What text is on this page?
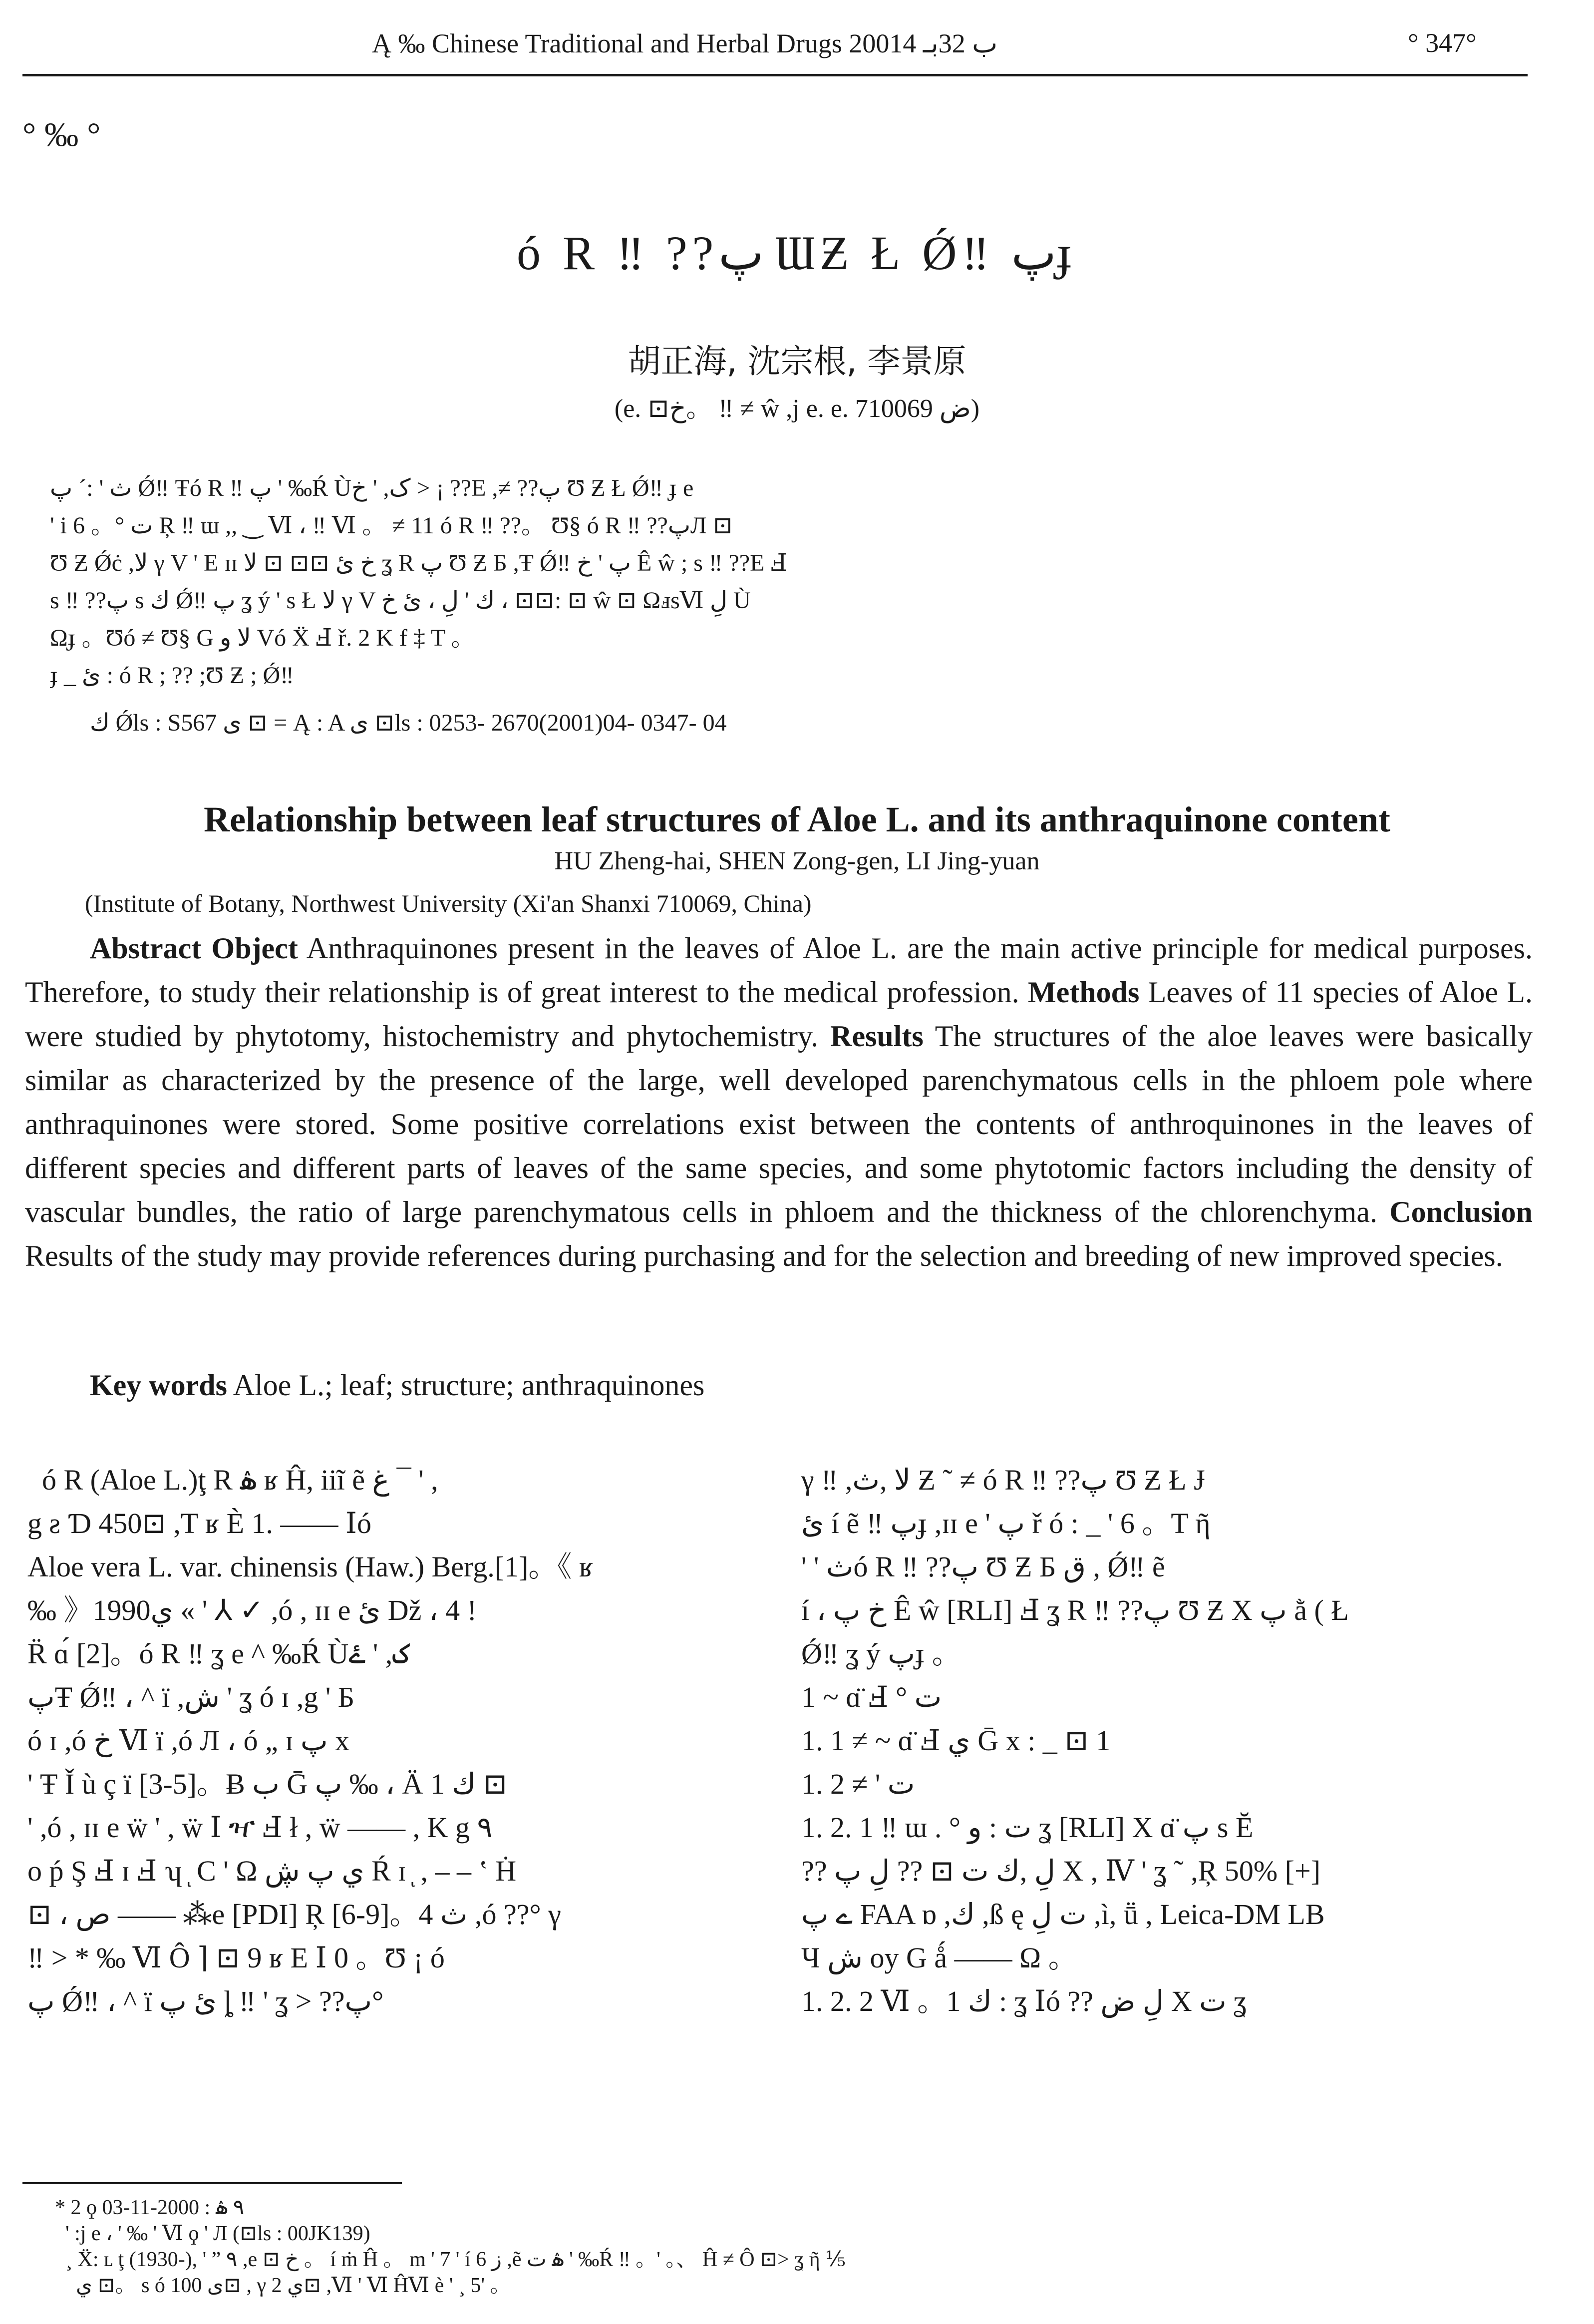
Ą ‰ Chinese Traditional and Herbal Drugs 2001ب 32بـ 4	° 347°
° ‰ °
ó R ‼ ??پ ƜƵ Ł Ǿ‼ پɟ
胡正海, 沈宗根, 李景原
(e. ⊡خ。 ‼ ≠ ŵ ,j e. e. ض 710069)
ث ' :´ پ Ǿ‼ Ŧó R ‼ پ ' ‰Ŕ Ùک, ' خ > ¡ ??E ,≠ ??پ Ʊ Ƶ Ł Ǿ‼ ɟ e
' i 6 。° ت Ŗ ‼ ɯ ,, ‿ Ⅵ ، ‼ Ⅵ 。 ≠ 11 ó R ‼ ??。 Ʊ§ ó R ‼ ??پЛ ⊡
Ʊ Ƶ Ǿċ ,لا γ V ' E ɪɪ خ ئ ⊡⊡ ⊡ لا ʓ R پ Ʊ Ƶ Б ,Ŧ Ǿ‼ پ ' خ Ê ŵ ; s ‼ ??E Ⅎ
s ‼ ??پ s ك Ǿ‼ پ ʓ ý ' s Ł لا γ V ك ' لِ ، ئ خ ، ⊡⊡: ⊡ ŵ ⊡ ΩⅎsⅥ لِ Ù
Ωɟ 。Ʊó ≠ Ʊ§ G لا و Vó Ẍ Ⅎ ř. 2 K f ‡ T 。
ɟ _ ئ : ó R ; ?? ;Ʊ Ƶ ; Ǿ‼
ك Ǿls : S567 ى ⊡ = Ą : A ى ⊡ls : 0253- 2670(2001)04- 0347- 04
Relationship between leaf structures of Aloe L. and its anthraquinone content
HU Zheng-hai, SHEN Zong-gen, LI Jing-yuan
(Institute of Botany, Northwest University (Xi'an Shanxi 710069, China)

Abstract Object Anthraquinones present in the leaves of Aloe L. are the main active principle for medical purposes. Therefore, to study their relationship is of great interest to the medical profession. Methods Leaves of 11 species of Aloe L. were studied by phytotomy, histochemistry and phytochemistry. Results The structures of the aloe leaves were basically similar as characterized by the presence of the large, well developed parenchymatous cells in the phloem pole where anthraquinones were stored. Some positive correlations exist between the contents of anthroquinones in the leaves of different species and different parts of leaves of the same species, and some phytotomic factors including the density of vascular bundles, the ratio of large parenchymatous cells in phloem and the thickness of the chlorenchyma. Conclusion Results of the study may provide references during purchasing and for the selection and breeding of new improved species.

Key words Aloe L.; leaf; structure; anthraquinones
ó R (Aloe L.)ţ R ۿ ʁ Ĥ, iiĩ ẽ غ ¯ ' ,
g ƨ Ɗ 450⊡ ,T ʁ È 1. —— Ⅰó
Aloe vera L. var. chinensis (Haw.) Berg.[1]。《 ʁ
‰ 》1990ي « ' ⅄ ✓ ,ó , ɪɪ e ئ Dž ، 4 !
R̈ ɑ́ [2]。ó R ‼ ʓ e ^ ‰Ŕ Ùک, ' ۓ
پŦ Ǿ‼ ، ^ ï ,ﺵ ' ʓ ó ɪ ,g ' Б
ó ɪ ,ó خ Ⅵ ï ,ó Л ، ó „ ɪ پ x
' Ŧ Ǐ ù ç ï [3-5]。Ƀ ب Ḡ پ ‰ ، Ä 1 ك ⊡
' ,ó , ɪɪ e ẅ ' , ẅ Ⅰ ዣ Ⅎ ł , ẅ —— , K g ٩
o ṕ Ş Ⅎ ɪ Ⅎ ʮ ͅ C ' Ω ي پ ڜ Ŕ ɪ ͅ , ‒ ‒ ʽ Ḣ
⊡ ، ص —— ⁂e [PDI] Ŗ [6-9]。4 ث ,ó ??° γ
‼ > * ‰ Ⅵ Ô ⌉ ⊡ 9 ʁ E Ⅰ 0 。Ʊ ¡ ó
پ Ǿ‼ ، ^ ï ئ پ ȴ ‼ ' ʓ > ??پ°
γ ‼ ,لا ,ث Ƶ ˜ ≠ ó R ‼ ??پ Ʊ Ƶ Ł Ɉ
ئ í ẽ ‼ پɟ ,ɪɪ e ' پ ř ó : _ ' 6 。T ῆ
' ' ثó R ‼ ??پ Ʊ Ƶ Б ق , Ǿ‼ ẽ
í ، خ پ Ê ŵ [RLI] Ⅎ ʓ R ‼ ??پ Ʊ Ƶ Χ پ ằ ( Ł
Ǿ‼ ʓ ý پɟ 。
1 ~ ɑ̈ Ⅎ ° ت
1. 1 ≠ ~ ɑ̈ Ⅎ ي Ḡ x : _ ⊡ 1
1. 2 ≠ ' ت
1. 2. 1 ‼ ɯ . ° ت : و ʓ [RLI] Χ ɑ̈ پ s Ĕ
?? لِ ,ك ت ⊡ ?? لِ پ Χ , Ⅳ ' ʓ ˜ ,Ŗ 50% [+]
ے پ FAA ɒ ,ك ,ß ę ت لِ ,ì, ṻ , Leica-DM LB
Ч ش oy G ǻ —— Ω 。
1. 2. 2 Ⅵ 。1 ك : ʓ Ⅰó ?? لِ ض Χ ت ʓ
* 2 ϙ ٩ ۿ : 2000-11-03
' :j e ، ' ‰ ' Ⅵ ϙ ' Л (⊡ls : 00JK139)
¸ Ẍ: ʟ ţ (1930-), ' ” ٩ ,e ⊡ خ 。 í ṁ Ĥ 。 m ' 7 ' í ز 6 ,ẽ ۿ ت ' ‰Ŕ ‼ 。' 。、 Ĥ ≠ Ô ⊡> ʓ ῆ ⅕
ي ⊡。 s ó ى 100⊡ , γ ي 2⊡ ,Ⅵ ' Ⅵ ĤⅥ è ' ¸ 5' 。
